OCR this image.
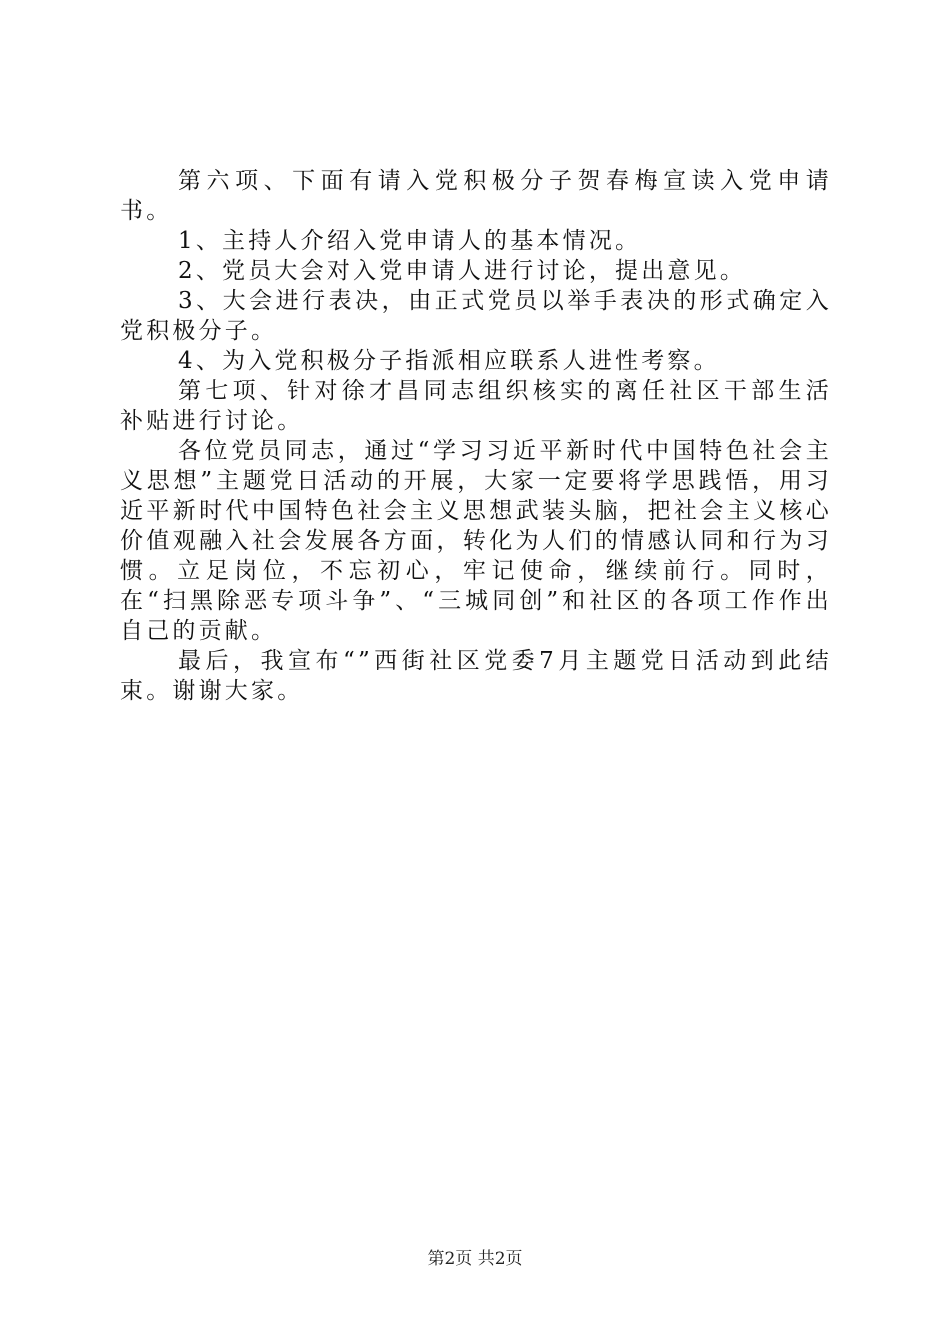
第六项、下面有请入党积极分子贺春梅宣读入党申请书。

1、主持人介绍入党申请人的基本情况。

2、党员大会对入党申请人进行讨论，提出意见。

3、大会进行表决，由正式党员以举手表决的形式确定入党积极分子。

4、为入党积极分子指派相应联系人进性考察。

第七项、针对徐才昌同志组织核实的离任社区干部生活补贴进行讨论。

各位党员同志，通过“学习习近平新时代中国特色社会主义思想”主题党日活动的开展，大家一定要将学思践悟，用习近平新时代中国特色社会主义思想武装头脑，把社会主义核心价值观融入社会发展各方面，转化为人们的情感认同和行为习惯。立足岗位，不忘初心，牢记使命，继续前行。同时，在“扫黑除恶专项斗争”、“三城同创”和社区的各项工作作出自己的贡献。

最后，我宣布“”西街社区党委7月主题党日活动到此结束。谢谢大家。

第2页 共2页
